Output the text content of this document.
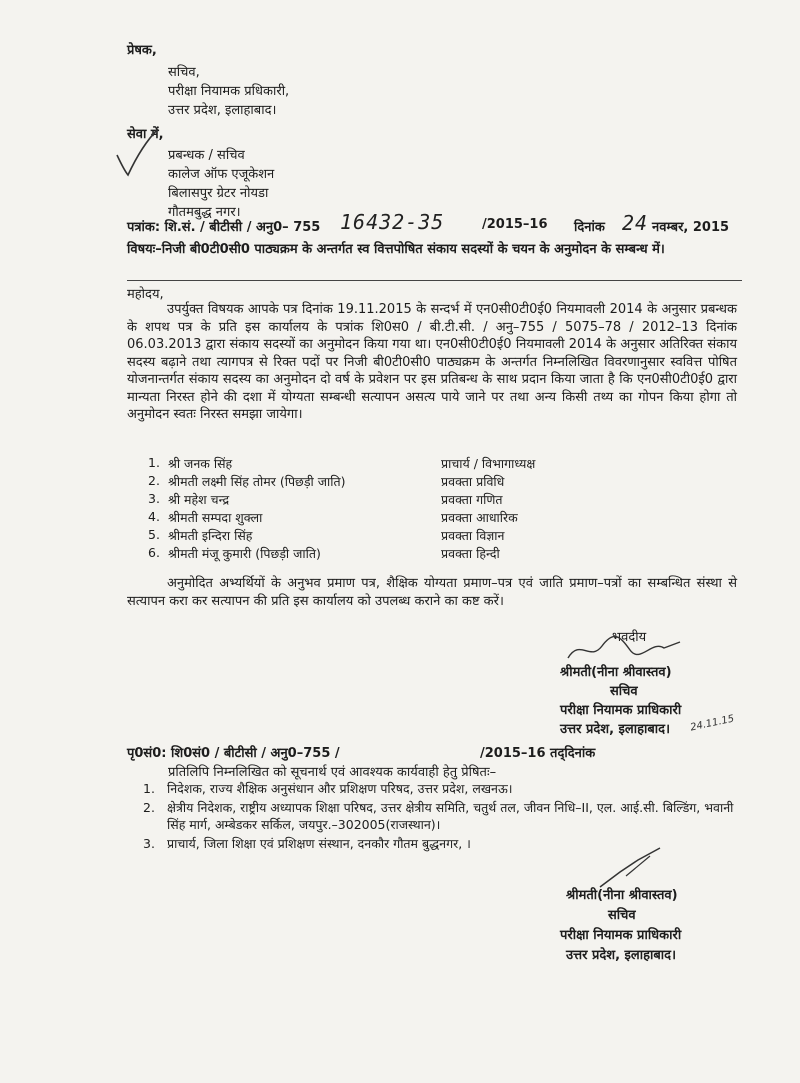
प्रेषक,
सचिव,
परीक्षा नियामक प्रधिकारी,
उत्तर प्रदेश, इलाहाबाद।
सेवा में,
प्रबन्धक / सचिव
कालेज ऑफ एजूकेशन
बिलासपुर ग्रेटर नोयडा
गौतमबुद्ध नगर।
पत्रांक: शि.सं. / बीटीसी / अनु0– 755 16432-35	/2015–16 दिनांक 24 नवम्बर, 2015
विषयः–निजी बी0टी0सी0 पाठ्यक्रम के अन्तर्गत स्व वित्तपोषित संकाय सदस्यों के चयन के अनुमोदन के सम्बन्ध में।
महोदय,
उपर्युक्त विषयक आपके पत्र दिनांक 19.11.2015 के सन्दर्भ में एन0सी0टी0ई0 नियमावली 2014 के अनुसार प्रबन्धक के शपथ पत्र के प्रति इस कार्यालय के पत्रांक शि0स0 / बी.टी.सी. / अनु–755 / 5075–78 / 2012–13 दिनांक 06.03.2013 द्वारा संकाय सदस्यों का अनुमोदन किया गया था। एन0सी0टी0ई0 नियमावली 2014 के अनुसार अतिरिक्त संकाय सदस्य बढ़ाने तथा त्यागपत्र से रिक्त पदों पर निजी बी0टी0सी0 पाठ्यक्रम के अन्तर्गत निम्नलिखित विवरणानुसार स्ववित्त पोषित योजनान्तर्गत संकाय सदस्य का अनुमोदन दो वर्ष के प्रवेशन पर इस प्रतिबन्ध के साथ प्रदान किया जाता है कि एन0सी0टी0ई0 द्वारा मान्यता निरस्त होने की दशा में योग्यता सम्बन्धी सत्यापन असत्य पाये जाने पर तथा अन्य किसी तथ्य का गोपन किया होगा तो अनुमोदन स्वतः निरस्त समझा जायेगा।
1. श्री जनक सिंह	प्राचार्य / विभागाध्यक्ष
2. श्रीमती लक्ष्मी सिंह तोमर (पिछड़ी जाति)	प्रवक्ता प्रविधि
3. श्री महेश चन्द्र	प्रवक्ता गणित
4. श्रीमती सम्पदा शुक्ला	प्रवक्ता आधारिक
5. श्रीमती इन्दिरा सिंह	प्रवक्ता विज्ञान
6. श्रीमती मंजू कुमारी (पिछड़ी जाति)	प्रवक्ता हिन्दी
अनुमोदित अभ्यर्थियों के अनुभव प्रमाण पत्र, शैक्षिक योग्यता प्रमाण–पत्र एवं जाति प्रमाण–पत्रों का सम्बन्धित संस्था से सत्यापन करा कर सत्यापन की प्रति इस कार्यालय को उपलब्ध कराने का कष्ट करें।
भवदीय
श्रीमती(नीना श्रीवास्तव)
सचिव
परीक्षा नियामक प्राधिकारी
उत्तर प्रदेश, इलाहाबाद। 24.11.15
पृ0सं0: शि0सं0 / बीटीसी / अनु0–755 /	/2015–16 तद्‌दिनांक
प्रतिलिपि निम्नलिखित को सूचनार्थ एवं आवश्यक कार्यवाही हेतु प्रेषितः–
1. निदेशक, राज्य शैक्षिक अनुसंधान और प्रशिक्षण परिषद, उत्तर प्रदेश, लखनऊ।
2. क्षेत्रीय निदेशक, राष्ट्रीय अध्यापक शिक्षा परिषद, उत्तर क्षेत्रीय समिति, चतुर्थ तल, जीवन निधि–II, एल. आई.सी. बिल्डिंग, भवानी सिंह मार्ग, अम्बेडकर सर्किल, जयपुर.–302005(राजस्थान)।
3. प्राचार्य, जिला शिक्षा एवं प्रशिक्षण संस्थान, दनकौर गौतम बुद्धनगर, ।
श्रीमती(नीना श्रीवास्तव)
सचिव
परीक्षा नियामक प्राधिकारी
उत्तर प्रदेश, इलाहाबाद।
